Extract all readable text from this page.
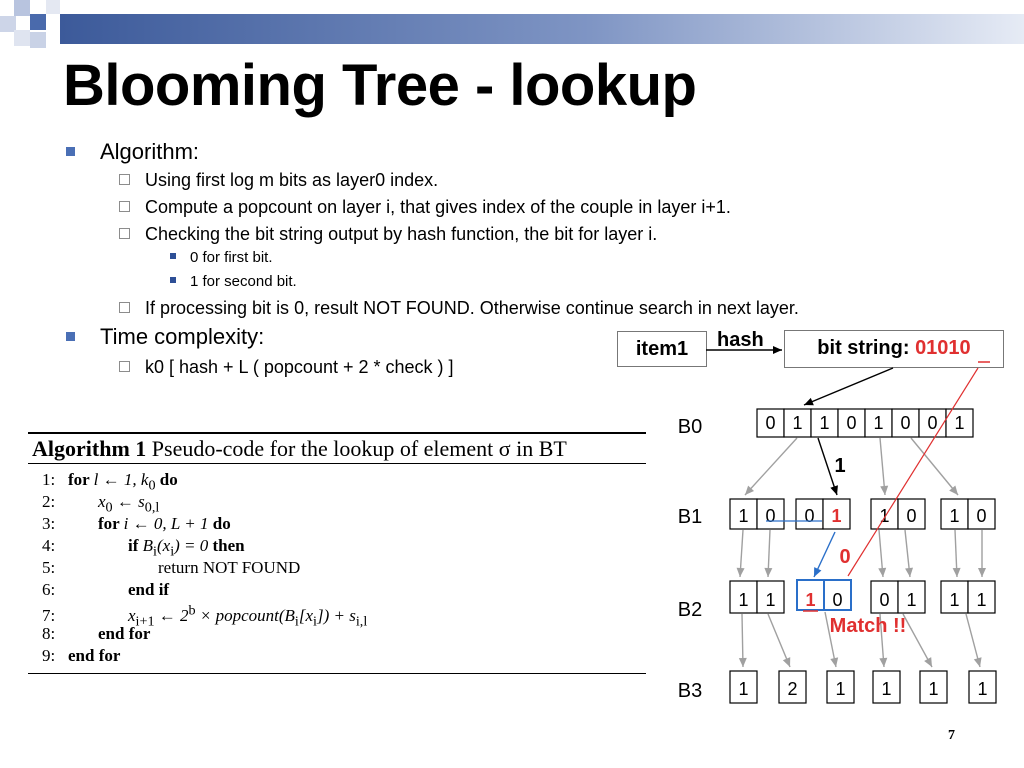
Blooming Tree - lookup
Algorithm:
Using first log m bits as layer0 index.
Compute a popcount on layer i, that gives index of the couple in layer i+1.
Checking the bit string output by hash function, the bit for layer i.
0 for first bit.
1 for second bit.
If processing bit is 0, result NOT FOUND. Otherwise continue search in next layer.
Time complexity:
k0 [ hash + L ( popcount + 2 * check ) ]
Algorithm 1 Pseudo-code for the lookup of element σ in BT
1: for l ← 1, $k_0$ do
2:	$x_0$ ← $s_{0,l}$
3:	for i ← 0, L + 1 do
4:	if $B_i(x_i) = 0$ then
5:	return NOT FOUND
6:	end if
7:	$x_{i+1}$ ← $2^b$ × $popcount(B_i[x_i]) + s_{i,l}$
8:	end for
9: end for
item1	hash	bit string: 01010
B0
B1
B2
B3
0 1 1 0 1 0 0 1
1 0 0 1 1 0 1 0
1 1 1 0 0 1 1 1
1 2 1 1 1 1
1
0
Match !!
7
